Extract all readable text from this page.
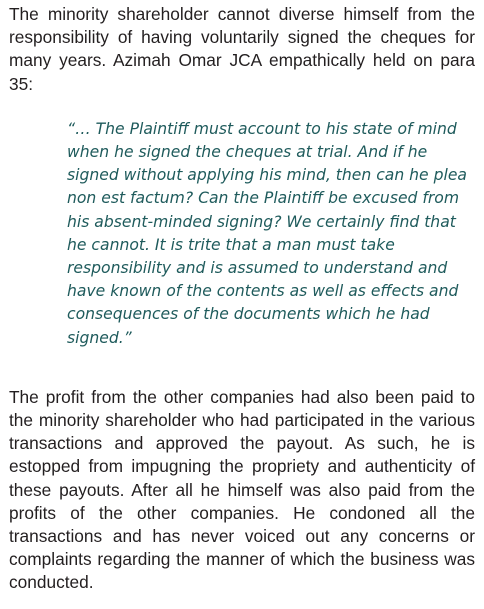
The minority shareholder cannot diverse himself from the responsibility of having voluntarily signed the cheques for many years. Azimah Omar JCA empathically held on para 35:

“… The Plaintiff must account to his state of mind when he signed the cheques at trial. And if he signed without applying his mind, then can he plea non est factum? Can the Plaintiff be excused from his absent-minded signing? We certainly find that he cannot. It is trite that a man must take responsibility and is assumed to understand and have known of the contents as well as effects and consequences of the documents which he had signed.”

The profit from the other companies had also been paid to the minority shareholder who had participated in the various transactions and approved the payout. As such, he is estopped from impugning the propriety and authenticity of these payouts. After all he himself was also paid from the profits of the other companies. He condoned all the transactions and has never voiced out any concerns or complaints regarding the manner of which the business was conducted.
